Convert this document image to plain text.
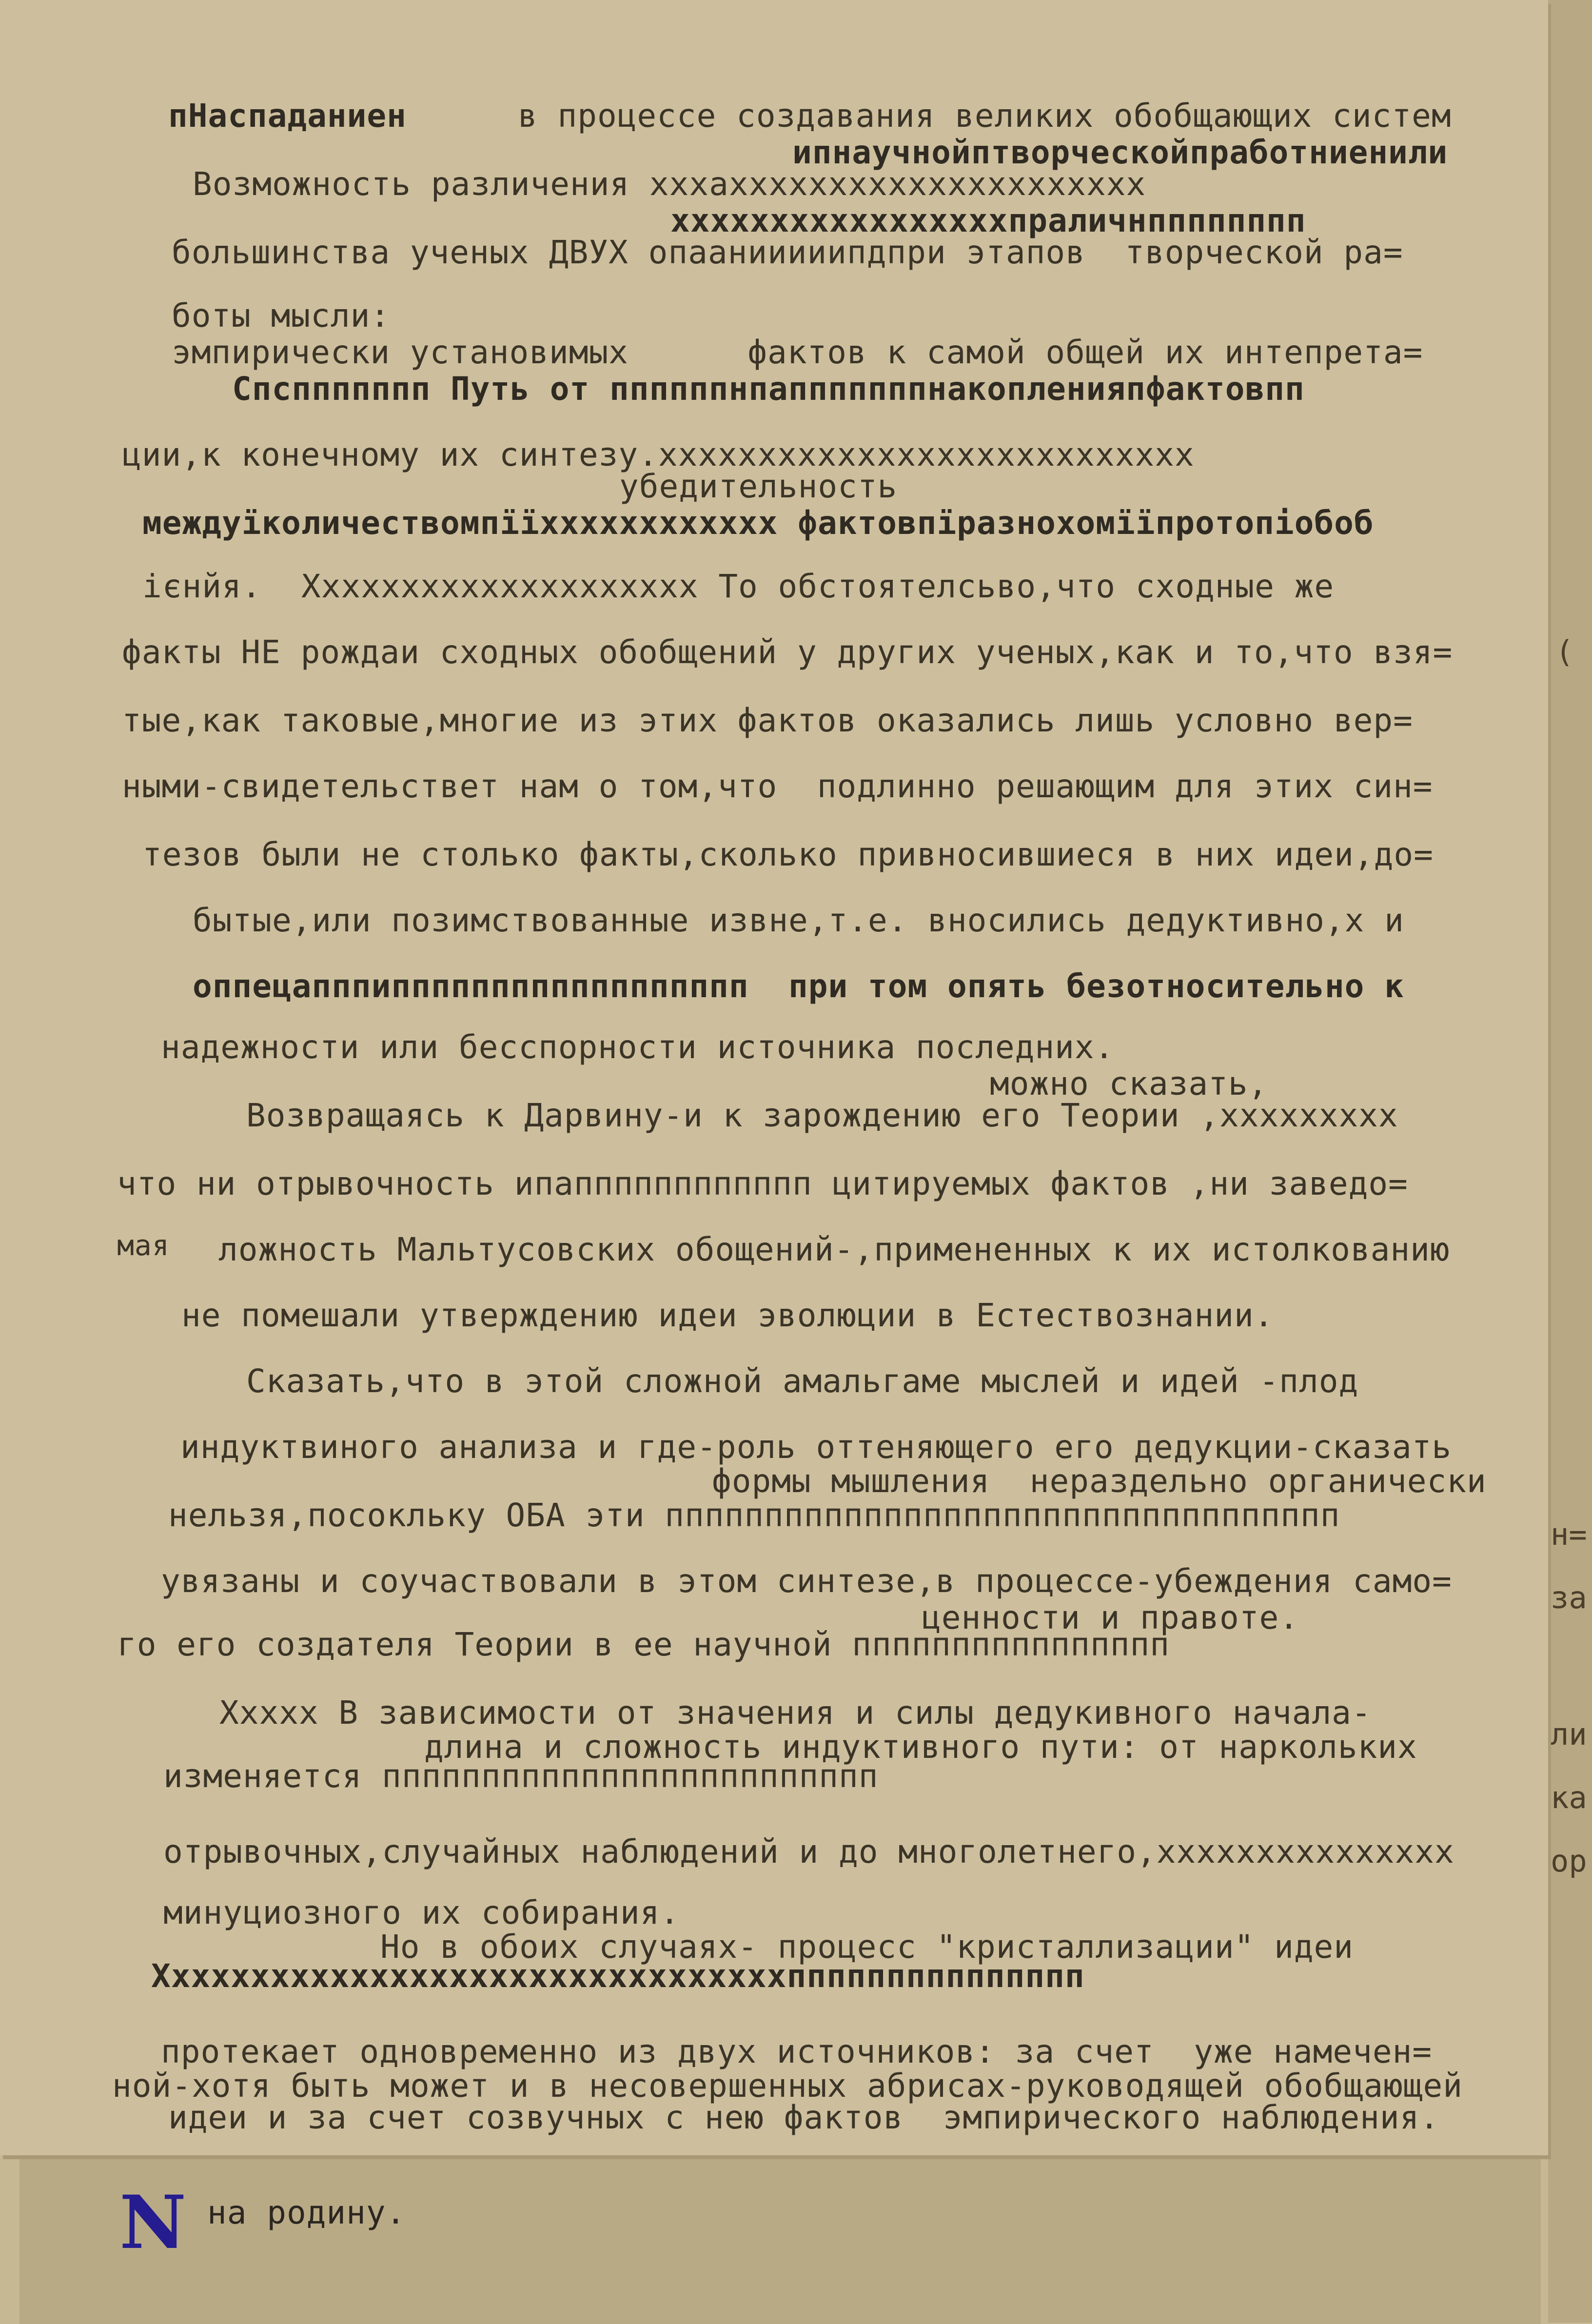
пНаспаданиен	в процессе создавания великих обобщающих систем
ипнаучнойптворческойпработниенили
Возможность различения хххаххххххххххххххххххххх
хххххххххххххххххпраличнпппппппп
большинства ученых ДВУХ опаанииииипдпри этапов  творческой ра=
боты мысли:
эмпирически установимых      фактов к самой общей их интепрета=
Спсппппппп Путь от ппппппнпапппппппнакопленияпфактовпп
ции,к конечному их синтезу.ххххххххххххххххххххххххххх
убедительность
междуїколичествомпїїхххххххххххх фактовпїразнохомїїпротопіобоб
ієнйя.  Хххххххххххххххххххх То обстоятелсьво,что сходные же
факты НЕ рождаи сходных обобщений у других ученых,как и то,что взя=
тые,как таковые,многие из этих фактов оказались лишь условно вер=
ными-свидетельствет нам о том,что  подлинно решающим для этих син=
тезов были не столько факты,сколько привносившиеся в них идеи,до=
бытые,или позимствованные извне,т.е. вносились дедуктивно,х и
оппецапппипппппппппппппппппп  при том опять безотносительно к
надежности или бесспорности источника последних.
можно сказать,
Возвращаясь к Дарвину-и к зарождению его Теории ,ххххххххх
что ни отрывочность ипапппппппппппп цитируемых фактов ,ни заведо=
мая ложность Мальтусовских обощений-,примененных к их истолкованию
не помешали утверждению идеи эволюции в Естествознании.
Сказать,что в этой сложной амальгаме мыслей и идей -плод
индуктвиного анализа и где-роль оттеняющего его дедукции-сказать
формы мышления  нераздельно органически
нельзя,посокльку ОБА эти пппппппппппппппппппппппппппппппппп
увязаны и соучаствовали в этом синтезе,в процессе-убеждения само=
ценности и правоте.
го его создателя Теории в ее научной пппппппппппппппп
Ххххх В зависимости от значения и силы дедукивного начала-
длина и сложность индуктивного пути: от наркольких
изменяется ппппппппппппппппппппппппп
отрывочных,случайных наблюдений и до многолетнего,ххххххххххххххх
минуциозного их собирания.
Но в обоих случаях- процесс "кристаллизации" идеи
Ххххххххххххххххххххххххххххххххппппппппппппппп
протекает одновременно из двух источников: за счет  уже намечен=
ной-хотя быть может и в несовершенных абрисах-руководящей обобщающей
идеи и за счет созвучных с нею фактов  эмпирического наблюдения.
на родину.
Ν
(
н=
за
ли
ка
ор
